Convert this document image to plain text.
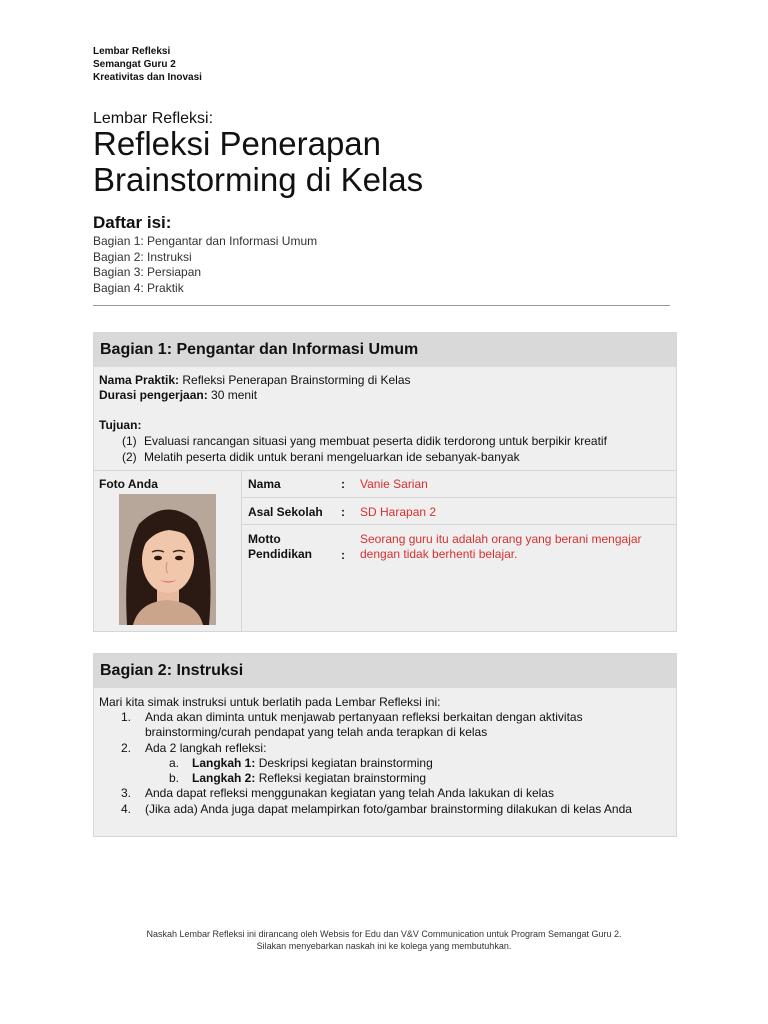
Lembar Refleksi
Semangat Guru 2
Kreativitas dan Inovasi
Lembar Refleksi:
Refleksi Penerapan
Brainstorming di Kelas
Daftar isi:
Bagian 1: Pengantar dan Informasi Umum
Bagian 2: Instruksi
Bagian 3: Persiapan
Bagian 4: Praktik
Bagian 1: Pengantar dan Informasi Umum
Nama Praktik: Refleksi Penerapan Brainstorming di Kelas
Durasi pengerjaan: 30 menit
Tujuan:
(1) Evaluasi rancangan situasi yang membuat peserta didik terdorong untuk berpikir kreatif
(2) Melatih peserta didik untuk berani mengeluarkan ide sebanyak-banyak
Foto Anda	Nama	: Vanie Sarian
Asal Sekolah : SD Harapan 2
Motto
Pendidikan :
Seorang guru itu adalah orang yang berani mengajar dengan tidak berhenti belajar.
Bagian 2: Instruksi
Mari kita simak instruksi untuk berlatih pada Lembar Refleksi ini:
1. Anda akan diminta untuk menjawab pertanyaan refleksi berkaitan dengan aktivitas brainstorming/curah pendapat yang telah anda terapkan di kelas
2. Ada 2 langkah refleksi:
a. Langkah 1: Deskripsi kegiatan brainstorming
b. Langkah 2: Refleksi kegiatan brainstorming
3. Anda dapat refleksi menggunakan kegiatan yang telah Anda lakukan di kelas
4. (Jika ada) Anda juga dapat melampirkan foto/gambar brainstorming dilakukan di kelas Anda
Naskah Lembar Refleksi ini dirancang oleh Websis for Edu dan V&V Communication untuk Program Semangat Guru 2.
Silakan menyebarkan naskah ini ke kolega yang membutuhkan.
